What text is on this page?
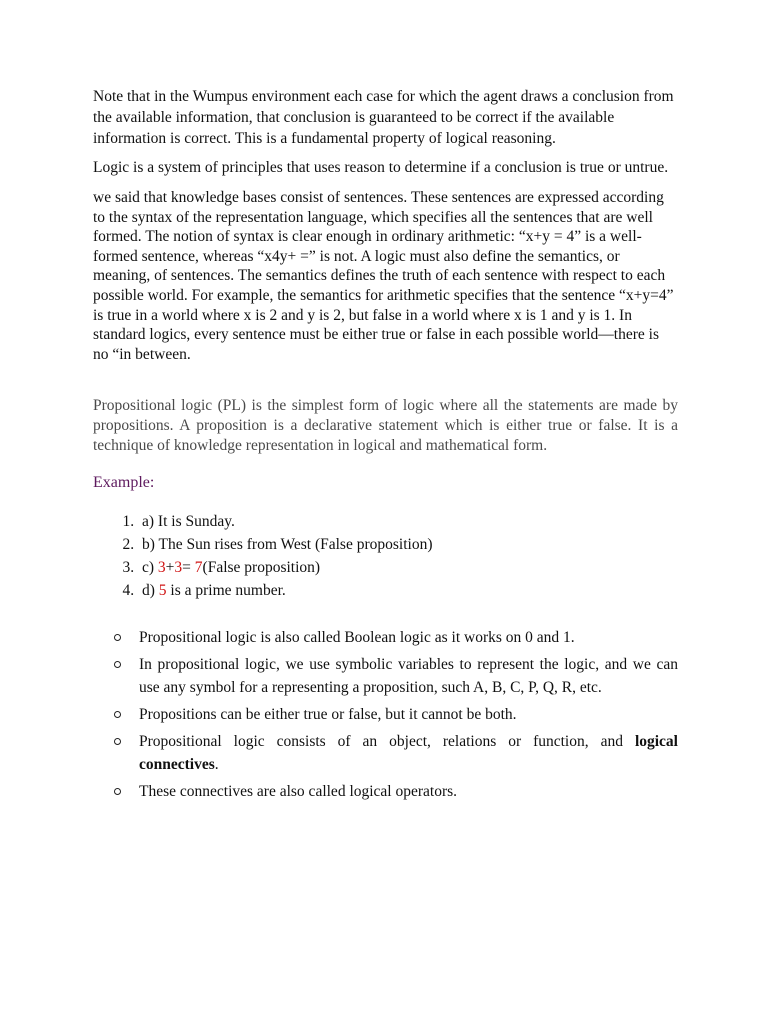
Note that in the Wumpus environment each case for which the agent draws a conclusion from the available information, that conclusion is guaranteed to be correct if the available information is correct. This is a fundamental property of logical reasoning.

Logic is a system of principles that uses reason to determine if a conclusion is true or untrue.

we said that knowledge bases consist of sentences. These sentences are expressed according to the syntax of the representation language, which specifies all the sentences that are well formed. The notion of syntax is clear enough in ordinary arithmetic: “x+y = 4” is a well-formed sentence, whereas “x4y+ =” is not. A logic must also define the semantics, or meaning, of sentences. The semantics defines the truth of each sentence with respect to each possible world. For example, the semantics for arithmetic specifies that the sentence “x+y=4” is true in a world where x is 2 and y is 2, but false in a world where x is 1 and y is 1. In standard logics, every sentence must be either true or false in each possible world—there is no “in between.

Propositional logic (PL) is the simplest form of logic where all the statements are made by propositions. A proposition is a declarative statement which is either true or false. It is a technique of knowledge representation in logical and mathematical form.

Example:
1. a) It is Sunday.
2. b) The Sun rises from West (False proposition)
3. c) 3+3= 7(False proposition)
4. d) 5 is a prime number.
Propositional logic is also called Boolean logic as it works on 0 and 1.
In propositional logic, we use symbolic variables to represent the logic, and we can use any symbol for a representing a proposition, such A, B, C, P, Q, R, etc.
Propositions can be either true or false, but it cannot be both.
Propositional logic consists of an object, relations or function, and logical connectives.
These connectives are also called logical operators.
